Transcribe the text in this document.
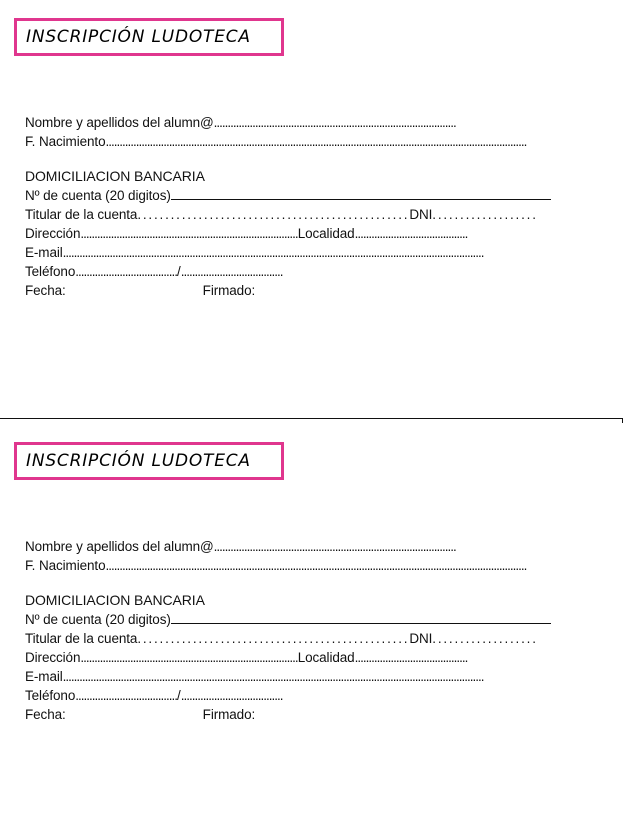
INSCRIPCIÓN LUDOTECA
Nombre y apellidos del alumn@........................................................................................
F. Nacimiento.........................................................................................................................................................
DOMICILIACION BANCARIA
Nº de cuenta (20 digitos)
Titular de la cuenta.................................................DNI...................
Dirección...............................................................................Localidad.........................................
E-mail.........................................................................................................................................................
Teléfono...................................../.....................................
Fecha:	Firmado:
INSCRIPCIÓN LUDOTECA
Nombre y apellidos del alumn@........................................................................................
F. Nacimiento.........................................................................................................................................................
DOMICILIACION BANCARIA
Nº de cuenta (20 digitos)
Titular de la cuenta.................................................DNI...................
Dirección...............................................................................Localidad.........................................
E-mail.........................................................................................................................................................
Teléfono...................................../.....................................
Fecha:	Firmado:
